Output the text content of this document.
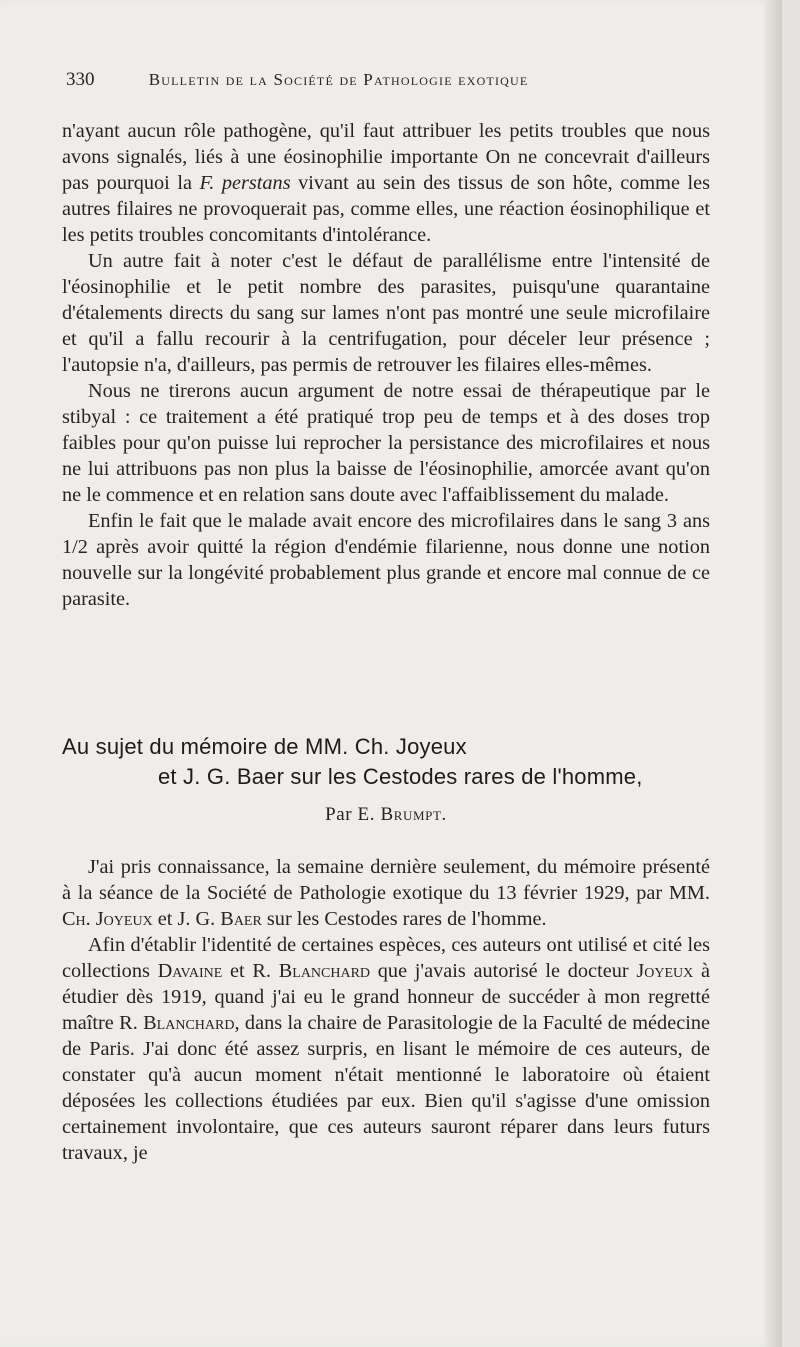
330	Bulletin de la Société de Pathologie exotique

n'ayant aucun rôle pathogène, qu'il faut attribuer les petits troubles que nous avons signalés, liés à une éosinophilie importante On ne concevrait d'ailleurs pas pourquoi la F. perstans vivant au sein des tissus de son hôte, comme les autres filaires ne provoquerait pas, comme elles, une réaction éosinophilique et les petits troubles concomitants d'intolérance.

Un autre fait à noter c'est le défaut de parallélisme entre l'intensité de l'éosinophilie et le petit nombre des parasites, puisqu'une quarantaine d'étalements directs du sang sur lames n'ont pas montré une seule microfilaire et qu'il a fallu recourir à la centrifugation, pour déceler leur présence ; l'autopsie n'a, d'ailleurs, pas permis de retrouver les filaires elles-mêmes.

Nous ne tirerons aucun argument de notre essai de thérapeutique par le stibyal : ce traitement a été pratiqué trop peu de temps et à des doses trop faibles pour qu'on puisse lui reprocher la persistance des microfilaires et nous ne lui attribuons pas non plus la baisse de l'éosinophilie, amorcée avant qu'on ne le commence et en relation sans doute avec l'affaiblissement du malade.

Enfin le fait que le malade avait encore des microfilaires dans le sang 3 ans 1/2 après avoir quitté la région d'endémie filarienne, nous donne une notion nouvelle sur la longévité probablement plus grande et encore mal connue de ce parasite.

Au sujet du mémoire de MM. Ch. Joyeux
et J. G. Baer sur les Cestodes rares de l'homme,
Par E. Brumpt.

J'ai pris connaissance, la semaine dernière seulement, du mémoire présenté à la séance de la Société de Pathologie exotique du 13 février 1929, par MM. Ch. Joyeux et J. G. Baer sur les Cestodes rares de l'homme.

Afin d'établir l'identité de certaines espèces, ces auteurs ont utilisé et cité les collections Davaine et R. Blanchard que j'avais autorisé le docteur Joyeux à étudier dès 1919, quand j'ai eu le grand honneur de succéder à mon regretté maître R. Blanchard, dans la chaire de Parasitologie de la Faculté de médecine de Paris. J'ai donc été assez surpris, en lisant le mémoire de ces auteurs, de constater qu'à aucun moment n'était mentionné le laboratoire où étaient déposées les collections étudiées par eux. Bien qu'il s'agisse d'une omission certainement involontaire, que ces auteurs sauront réparer dans leurs futurs travaux, je
